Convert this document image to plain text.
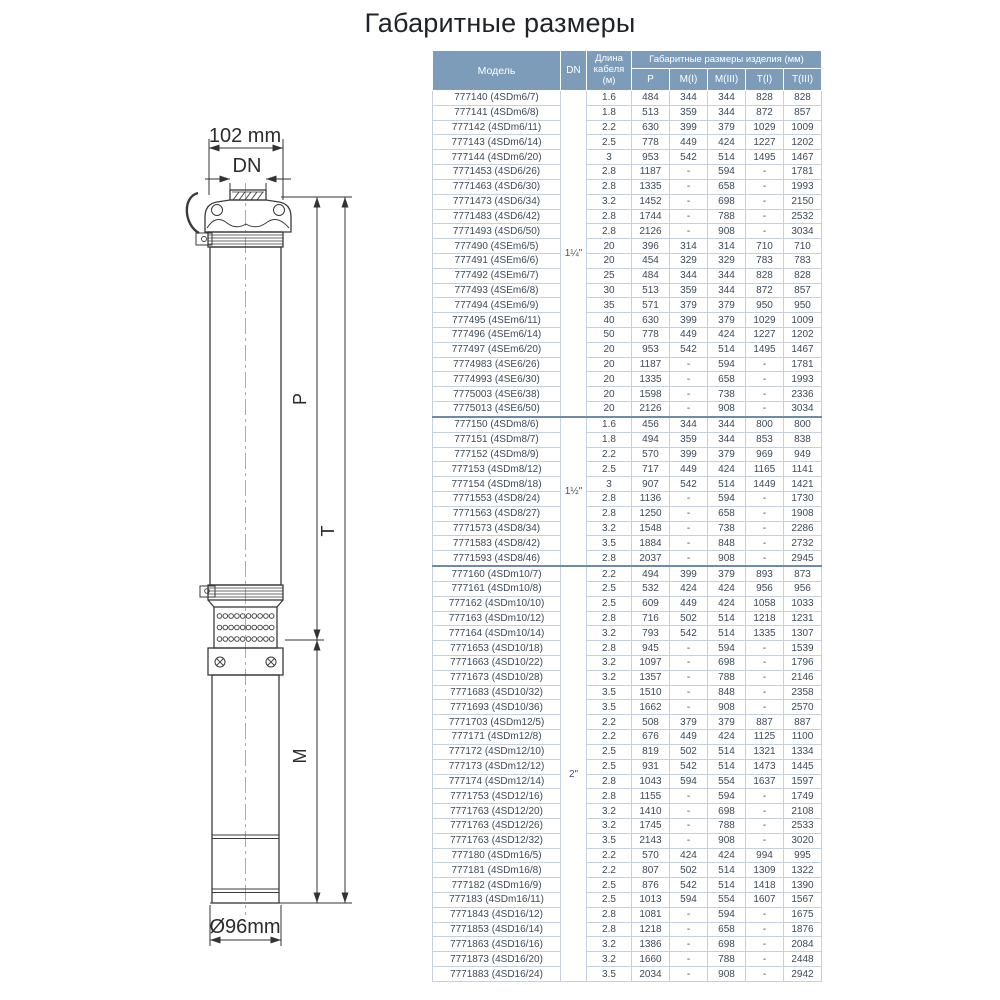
Габаритные размеры
102 mm
DN
P
M
T
Ø96mm
Модель	DN	Длина кабеля (м)	Габаритные размеры изделия (мм)				
			P	M(I)	M(III)	T(I)	T(III)
777140 (4SDm6/7)	1¼"	1.6	484	344	344	828	828
777141 (4SDm6/8)		1.8	513	359	344	872	857
777142 (4SDm6/11)		2.2	630	399	379	1029	1009
777143 (4SDm6/14)		2.5	778	449	424	1227	1202
777144 (4SDm6/20)		3	953	542	514	1495	1467
7771453 (4SD6/26)		2.8	1187	-	594	-	1781
7771463 (4SD6/30)		2.8	1335	-	658	-	1993
7771473 (4SD6/34)		3.2	1452	-	698	-	2150
7771483 (4SD6/42)		2.8	1744	-	788	-	2532
7771493 (4SD6/50)		2.8	2126	-	908	-	3034
777490 (4SEm6/5)		20	396	314	314	710	710
777491 (4SEm6/6)		20	454	329	329	783	783
777492 (4SEm6/7)		25	484	344	344	828	828
777493 (4SEm6/8)		30	513	359	344	872	857
777494 (4SEm6/9)		35	571	379	379	950	950
777495 (4SEm6/11)		40	630	399	379	1029	1009
777496 (4SEm6/14)		50	778	449	424	1227	1202
777497 (4SEm6/20)		20	953	542	514	1495	1467
7774983 (4SE6/26)		20	1187	-	594	-	1781
7774993 (4SE6/30)		20	1335	-	658	-	1993
7775003 (4SE6/38)		20	1598	-	738	-	2336
7775013 (4SE6/50)		20	2126	-	908	-	3034
777150 (4SDm8/6)	1½"	1.6	456	344	344	800	800
777151 (4SDm8/7)		1.8	494	359	344	853	838
777152 (4SDm8/9)		2.2	570	399	379	969	949
777153 (4SDm8/12)		2.5	717	449	424	1165	1141
777154 (4SDm8/18)		3	907	542	514	1449	1421
7771553 (4SD8/24)		2.8	1136	-	594	-	1730
7771563 (4SD8/27)		2.8	1250	-	658	-	1908
7771573 (4SD8/34)		3.2	1548	-	738	-	2286
7771583 (4SD8/42)		3.5	1884	-	848	-	2732
7771593 (4SD8/46)		2.8	2037	-	908	-	2945
777160 (4SDm10/7)	2"	2.2	494	399	379	893	873
777161 (4SDm10/8)		2.5	532	424	424	956	956
777162 (4SDm10/10)		2.5	609	449	424	1058	1033
777163 (4SDm10/12)		2.8	716	502	514	1218	1231
777164 (4SDm10/14)		3.2	793	542	514	1335	1307
7771653 (4SD10/18)		2.8	945	-	594	-	1539
7771663 (4SD10/22)		3.2	1097	-	698	-	1796
7771673 (4SD10/28)		3.2	1357	-	788	-	2146
7771683 (4SD10/32)		3.5	1510	-	848	-	2358
7771693 (4SD10/36)		3.5	1662	-	908	-	2570
7771703 (4SDm12/5)		2.2	508	379	379	887	887
777171 (4SDm12/8)		2.2	676	449	424	1125	1100
777172 (4SDm12/10)		2.5	819	502	514	1321	1334
777173 (4SDm12/12)		2.5	931	542	514	1473	1445
777174 (4SDm12/14)		2.8	1043	594	554	1637	1597
7771753 (4SD12/16)		2.8	1155	-	594	-	1749
7771763 (4SD12/20)		3.2	1410	-	698	-	2108
7771763 (4SD12/26)		3.2	1745	-	788	-	2533
7771763 (4SD12/32)		3.5	2143	-	908	-	3020
777180 (4SDm16/5)		2.2	570	424	424	994	995
777181 (4SDm16/8)		2.2	807	502	514	1309	1322
777182 (4SDm16/9)		2.5	876	542	514	1418	1390
777183 (4SDm16/11)		2.5	1013	594	554	1607	1567
7771843 (4SD16/12)		2.8	1081	-	594	-	1675
7771853 (4SD16/14)		2.8	1218	-	658	-	1876
7771863 (4SD16/16)		3.2	1386	-	698	-	2084
7771873 (4SD16/20)		3.2	1660	-	788	-	2448
7771883 (4SD16/24)		3.5	2034	-	908	-	2942
